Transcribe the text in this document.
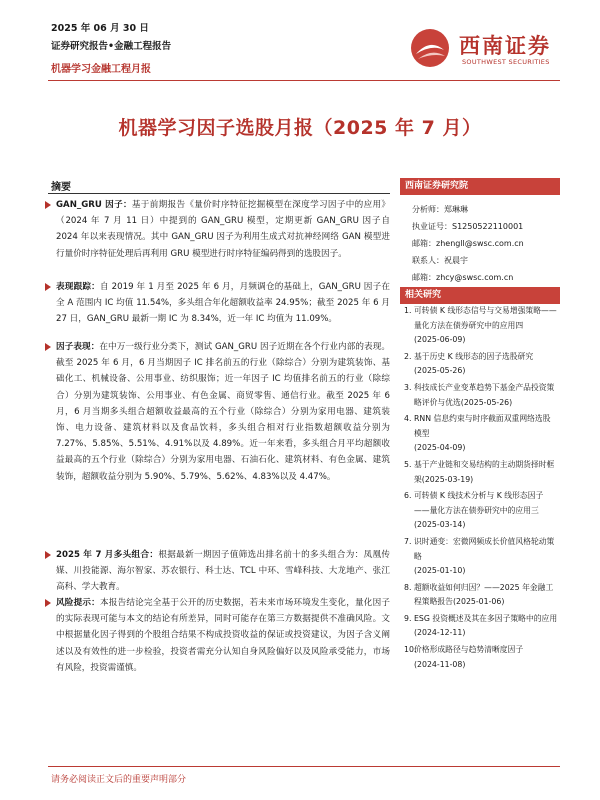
2025 年 06 月 30 日
证券研究报告•金融工程报告
机器学习金融工程月报
西南证券
SOUTHWEST SECURITIES
机器学习因子选股月报（2025 年 7 月）
摘要
GAN_GRU 因子：基于前期报告《量价时序特征挖掘模型在深度学习因子中的应用》（2024 年 7 月 11 日）中提到的 GAN_GRU 模型，定期更新 GAN_GRU 因子自 2024 年以来表现情况。其中 GAN_GRU 因子为利用生成式对抗神经网络 GAN 模型进行量价时序特征处理后再利用 GRU 模型进行时序特征编码得到的选股因子。
表现跟踪：自 2019 年 1 月至 2025 年 6 月，月频调仓的基础上，GAN_GRU 因子在全 A 范围内 IC 均值 11.54%，多头组合年化超额收益率 24.95%；截至 2025 年 6 月 27 日，GAN_GRU 最新一期 IC 为 8.34%，近一年 IC 均值为 11.09%。
因子表现：在中万一级行业分类下，测试 GAN_GRU 因子近期在各个行业内部的表现。截至 2025 年 6 月，6 月当期因子 IC 排名前五的行业（除综合）分别为建筑装饰、基础化工、机械设备、公用事业、纺织服饰；近一年因子 IC 均值排名前五的行业（除综合）分别为建筑装饰、公用事业、有色金属、商贸零售、通信行业。截至 2025 年 6 月，6 月当期多头组合超额收益最高的五个行业（除综合）分别为家用电器、建筑装饰、电力设备、建筑材料以及食品饮料，多头组合相对行业指数超额收益分别为 7.27%、5.85%、5.51%、4.91%以及 4.89%。近一年来看，多头组合月平均超额收益最高的五个行业（除综合）分别为家用电器、石油石化、建筑材料、有色金属、建筑装饰，超额收益分别为 5.90%、5.79%、5.62%、4.83%以及 4.47%。
2025 年 7 月多头组合：根据最新一期因子值筛选出排名前十的多头组合为：凤凰传媒、川投能源、海尔智家、苏农银行、科士达、TCL 中环、雪峰科技、大龙地产、张江高科、学大教育。
风险提示：本报告结论完全基于公开的历史数据，若未来市场环境发生变化，量化因子的实际表现可能与本文的结论有所差异，同时可能存在第三方数据提供不准确风险。文中根据量化因子得到的个股组合结果不构成投资收益的保证或投资建议，为因子含义阐述以及有效性的进一步检验，投资者需充分认知自身风险偏好以及风险承受能力，市场有风险，投资需谨慎。
西南证券研究院
分析师：郑琳琳
执业证号：S1250522110001
邮箱：zhengll@swsc.com.cn
联系人：祝晨宇
邮箱：zhcy@swsc.com.cn
相关研究
1. 可转债 K 线形态信号与交易增强策略——量化方法在债券研究中的应用四
(2025-06-09)
2. 基于历史 K 线形态的因子选股研究
(2025-05-26)
3. 科技成长产业变革趋势下基金产品投资策略评价与优选(2025-05-26)
4. RNN 信息约束与时序截面双重网络选股模型
(2025-04-09)
5. 基于产业链和交易结构的主动期货择时框架(2025-03-19)
6. 可转债 K 线技术分析与 K 线形态因子——量化方法在债券研究中的应用三
(2025-03-14)
7. 识时通变：宏微网频成长价值风格轮动策略
(2025-01-10)
8. 超额收益如何归因？——2025 年金融工程策略报告(2025-01-06)
9. ESG 投资概述及其在多因子策略中的应用
(2024-12-11)
10.
价格形成路径与趋势清晰度因子
(2024-11-08)
请务必阅读正文后的重要声明部分
